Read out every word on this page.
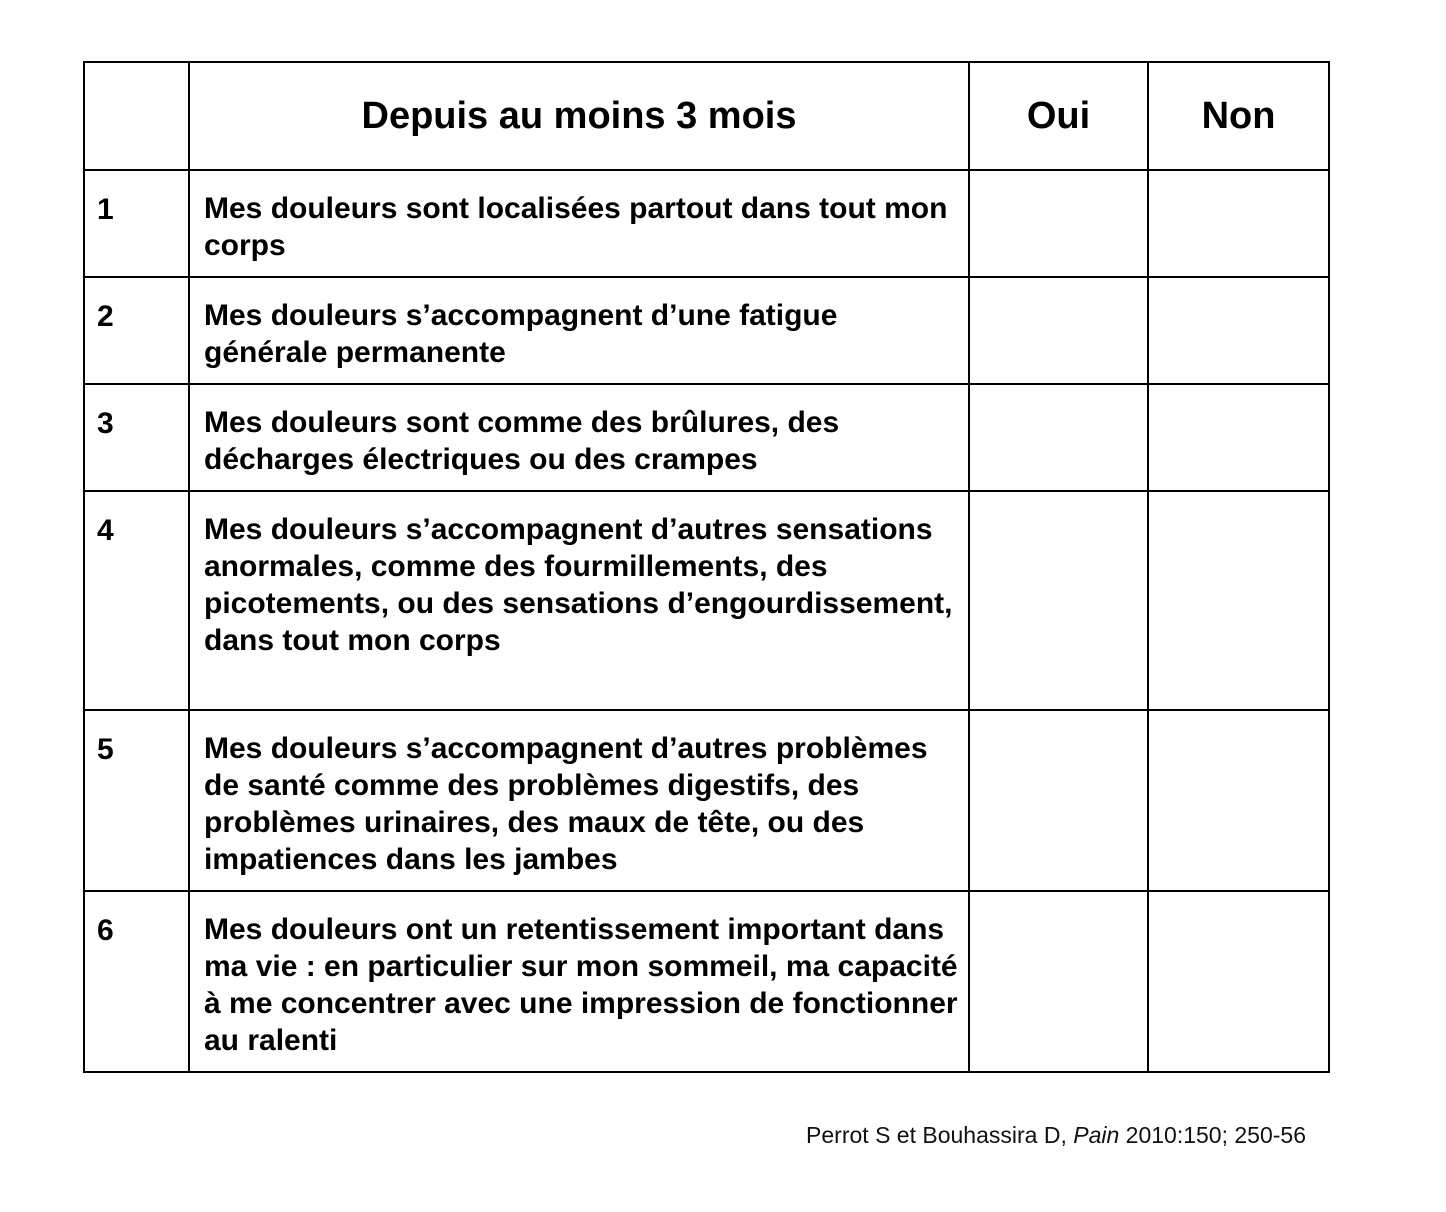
	Depuis au moins 3 mois	Oui	Non
1	Mes douleurs sont localisées partout dans tout mon corps		
2	Mes douleurs s’accompagnent d’une fatigue générale permanente		
3	Mes douleurs sont comme des brûlures, des décharges électriques ou des crampes		
4	Mes douleurs s’accompagnent d’autres sensations anormales, comme des fourmillements, des picotements, ou des sensations d’engourdissement, dans tout mon corps		
5	Mes douleurs s’accompagnent d’autres problèmes de santé comme des problèmes digestifs, des problèmes urinaires, des maux de tête, ou des impatiences dans les jambes		
6	Mes douleurs ont un retentissement important dans ma vie : en particulier sur mon sommeil, ma capacité à me concentrer avec une impression de fonctionner au ralenti		
Perrot S et Bouhassira D, Pain 2010:150; 250-56
